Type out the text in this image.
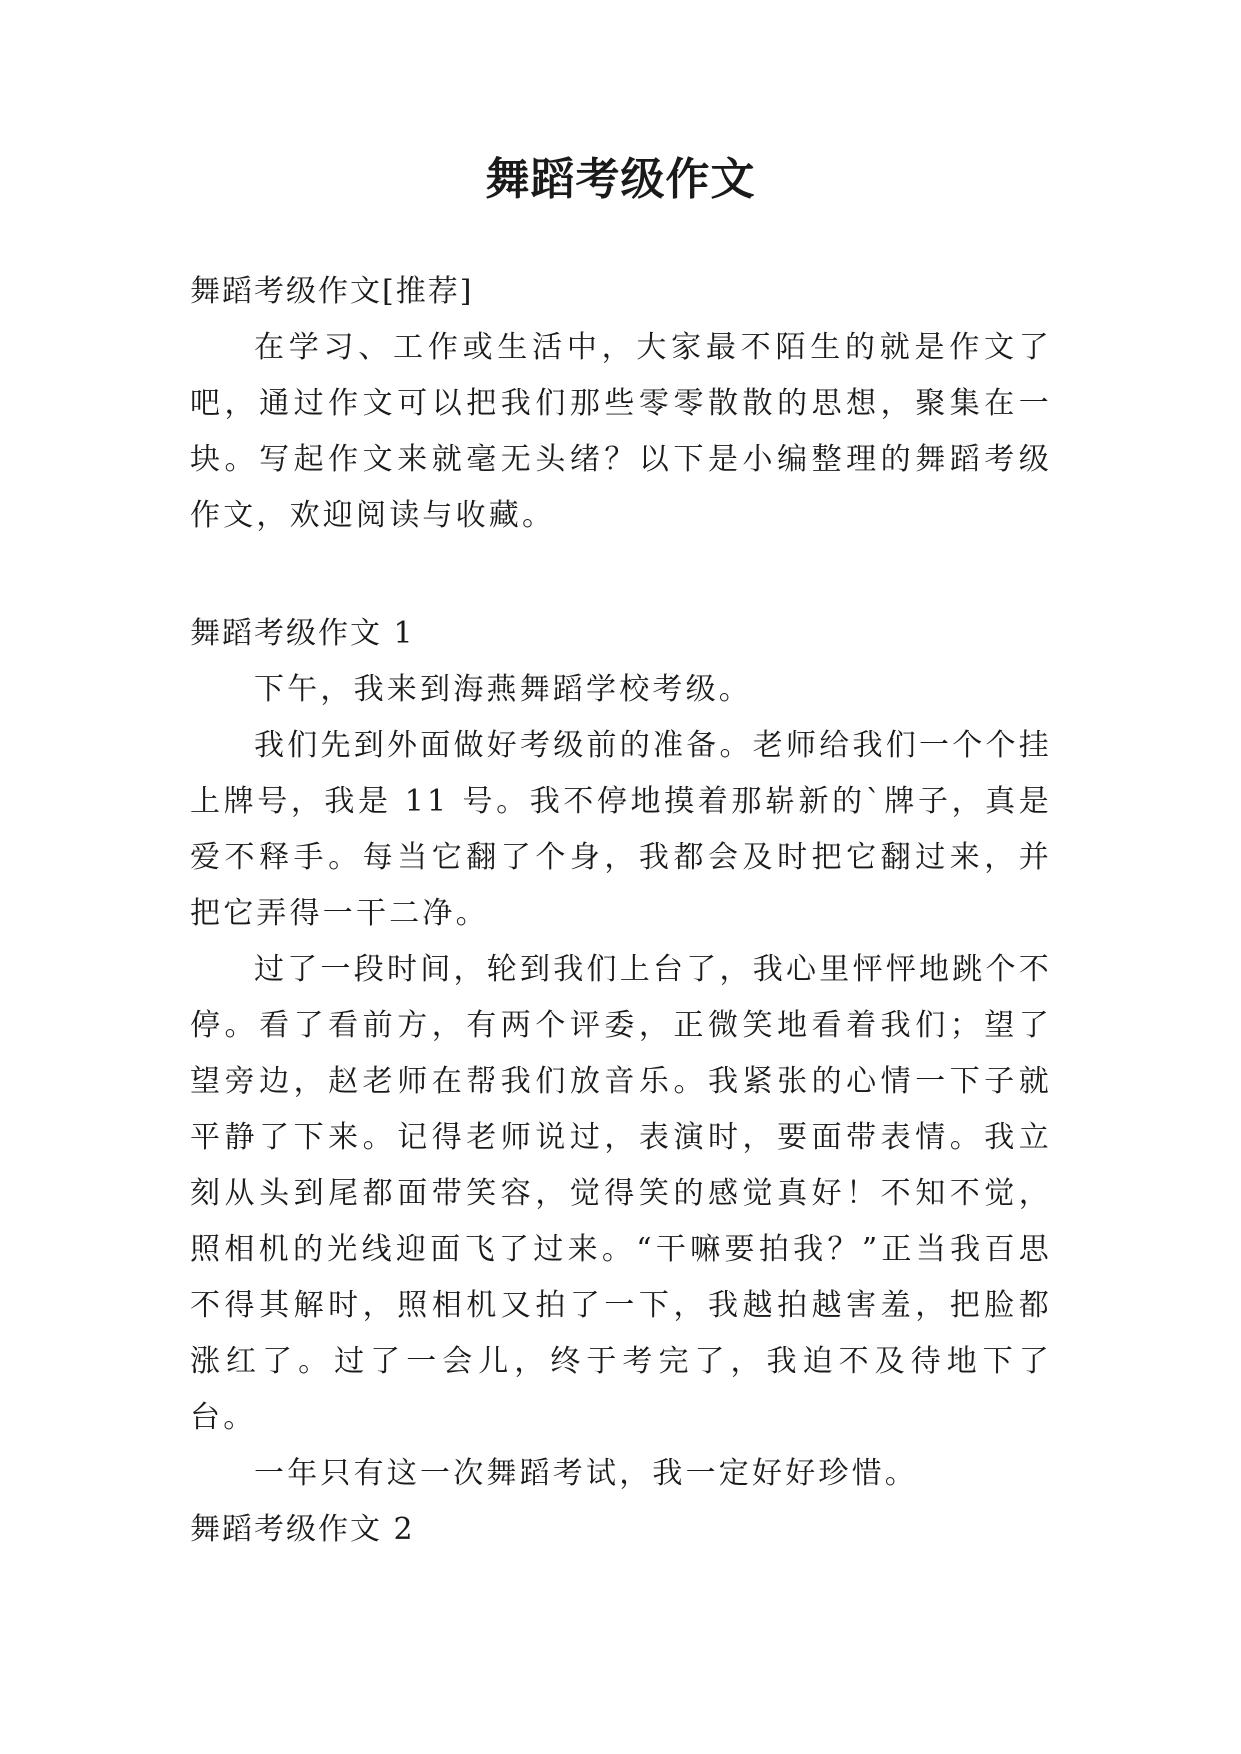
舞蹈考级作文

舞蹈考级作文[推荐]

在学习、工作或生活中，大家最不陌生的就是作文了吧，通过作文可以把我们那些零零散散的思想，聚集在一块。写起作文来就毫无头绪？以下是小编整理的舞蹈考级作文，欢迎阅读与收藏。

舞蹈考级作文 1

下午，我来到海燕舞蹈学校考级。

我们先到外面做好考级前的准备。老师给我们一个个挂上牌号，我是 11 号。我不停地摸着那崭新的`牌子，真是爱不释手。每当它翻了个身，我都会及时把它翻过来，并把它弄得一干二净。

过了一段时间，轮到我们上台了，我心里怦怦地跳个不停。看了看前方，有两个评委，正微笑地看着我们；望了望旁边，赵老师在帮我们放音乐。我紧张的心情一下子就平静了下来。记得老师说过，表演时，要面带表情。我立刻从头到尾都面带笑容，觉得笑的感觉真好！不知不觉，照相机的光线迎面飞了过来。“干嘛要拍我？”正当我百思不得其解时，照相机又拍了一下，我越拍越害羞，把脸都涨红了。过了一会儿，终于考完了，我迫不及待地下了台。

一年只有这一次舞蹈考试，我一定好好珍惜。

舞蹈考级作文 2
